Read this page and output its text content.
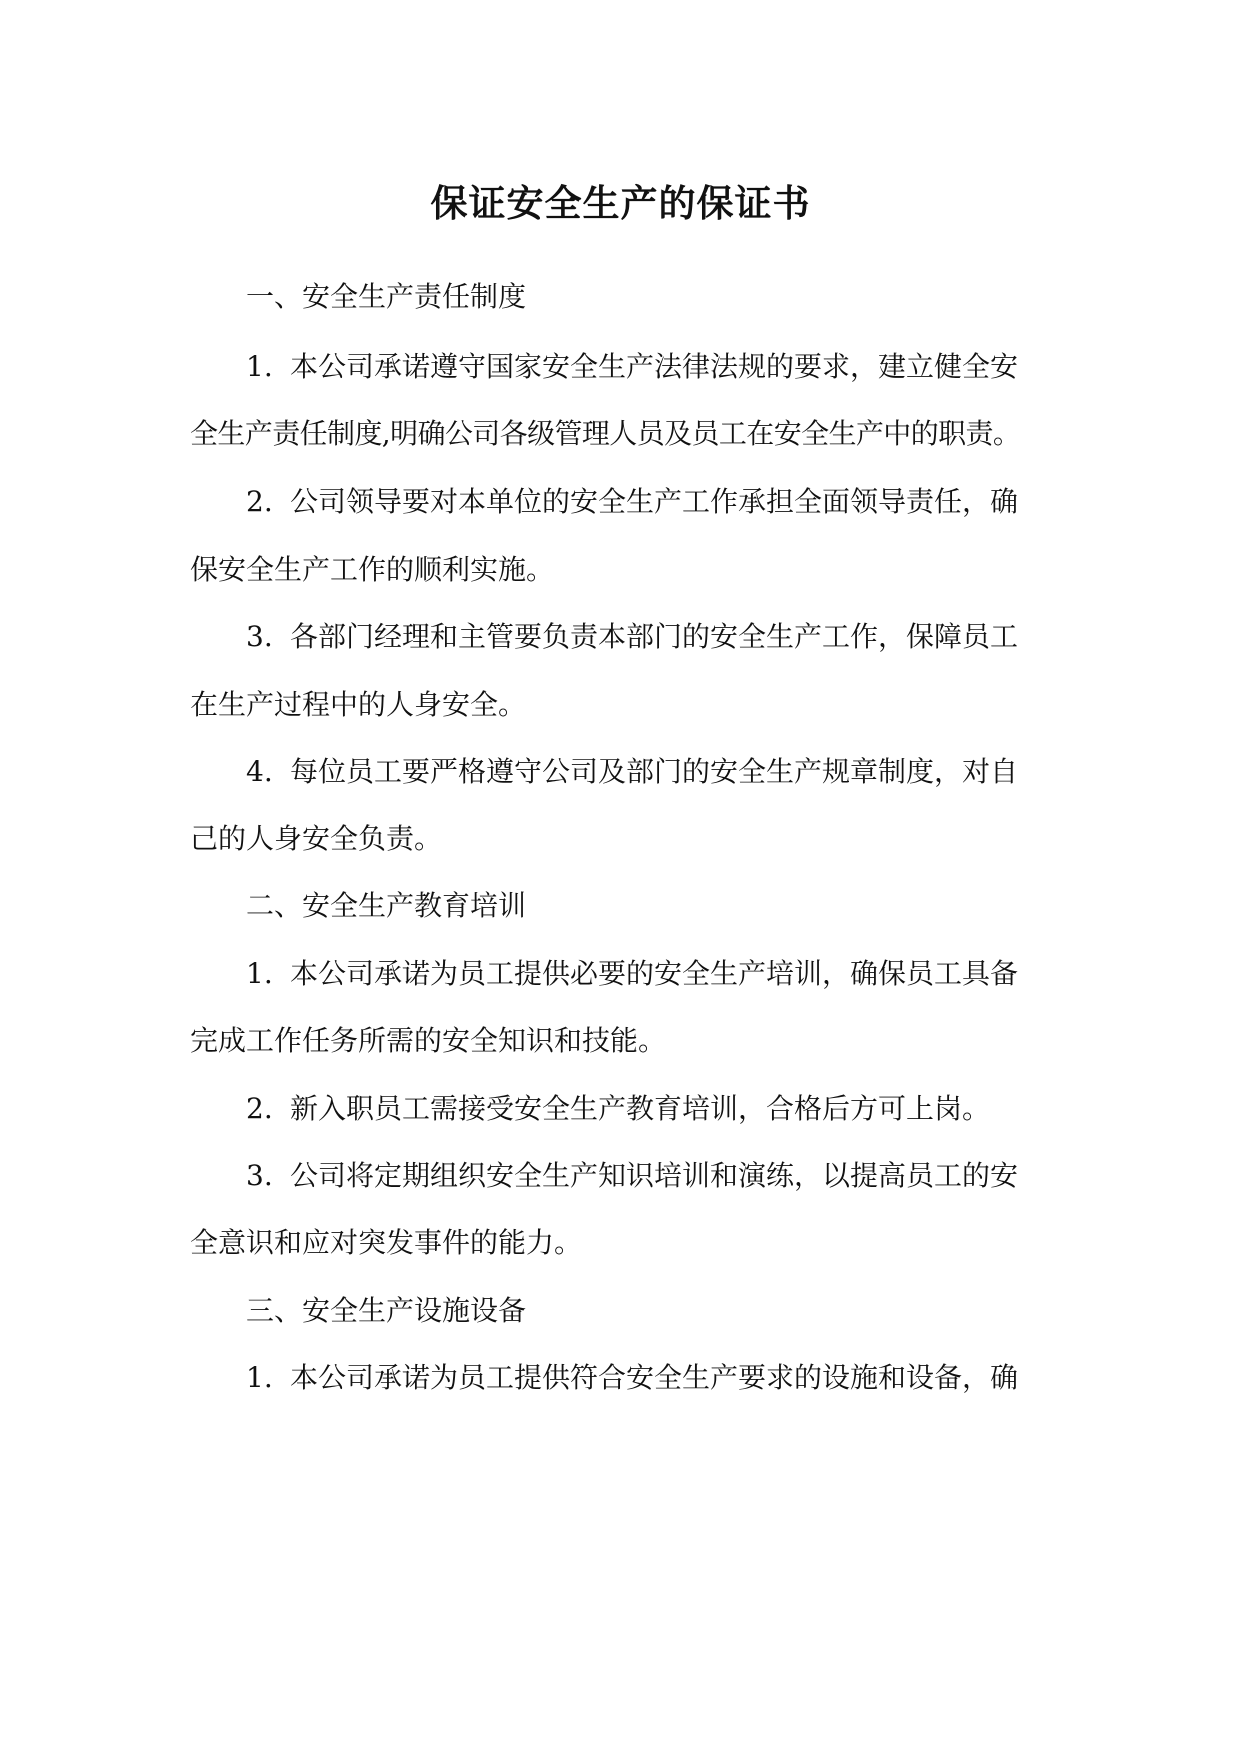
保证安全生产的保证书

一、安全生产责任制度

1. 本公司承诺遵守国家安全生产法律法规的要求，建立健全安

全生产责任制度,明确公司各级管理人员及员工在安全生产中的职责。

2. 公司领导要对本单位的安全生产工作承担全面领导责任，确

保安全生产工作的顺利实施。

3. 各部门经理和主管要负责本部门的安全生产工作，保障员工

在生产过程中的人身安全。

4. 每位员工要严格遵守公司及部门的安全生产规章制度，对自

己的人身安全负责。

二、安全生产教育培训

1. 本公司承诺为员工提供必要的安全生产培训，确保员工具备

完成工作任务所需的安全知识和技能。

2. 新入职员工需接受安全生产教育培训，合格后方可上岗。

3. 公司将定期组织安全生产知识培训和演练，以提高员工的安

全意识和应对突发事件的能力。

三、安全生产设施设备

1. 本公司承诺为员工提供符合安全生产要求的设施和设备，确
